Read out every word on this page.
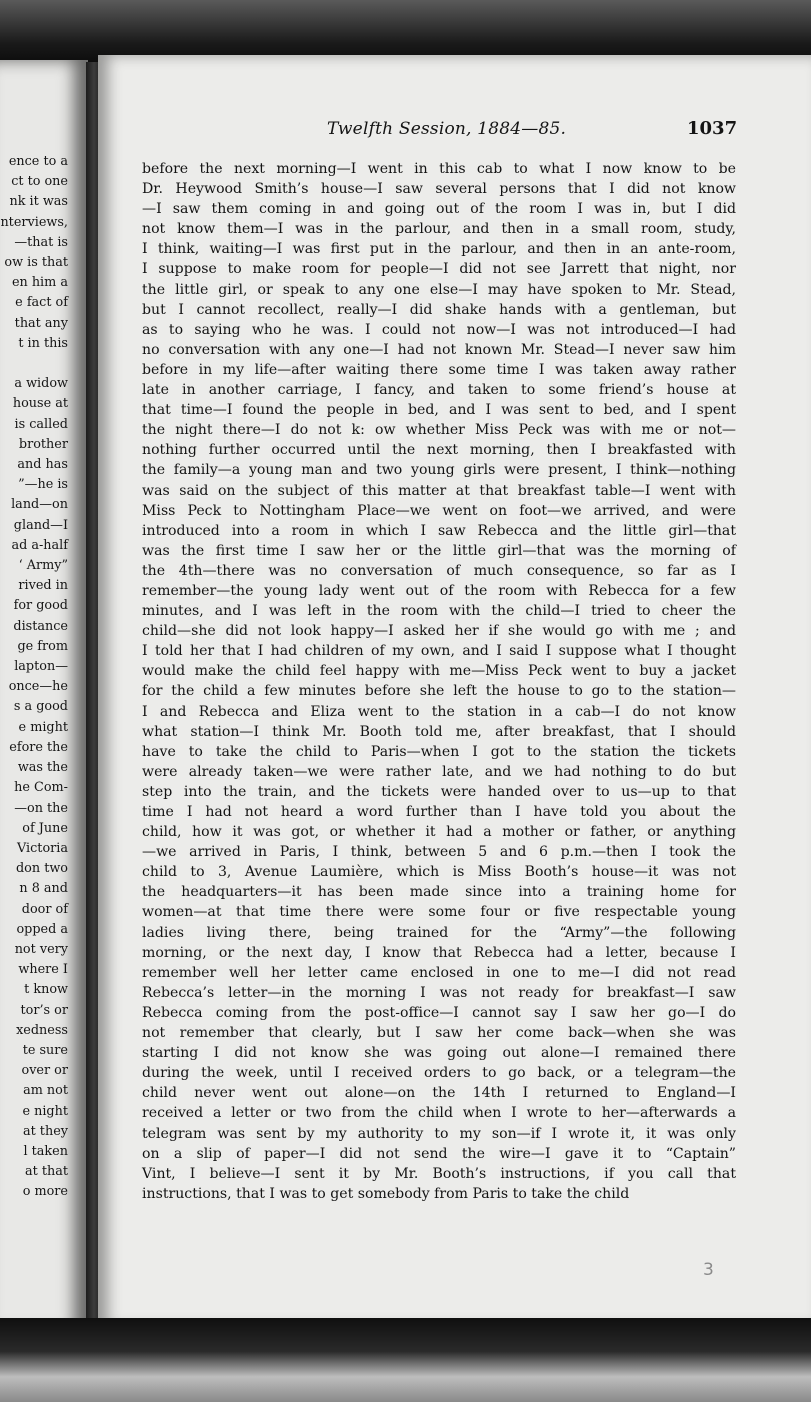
ence to a
ct to one
nk it was
nterviews,
—that is
ow is that
en him a
e fact of
that any
t in this

a widow
house at
is called
brother
and has
”—he is
land—on
gland—I
ad a-half
‘ Army”
rived in
for good
distance
ge from
lapton—
once—he
s a good
e might
efore the
was the
he Com-
—on the
of June
Victoria
don two
n 8 and
door of
opped a
not very
where I
t know
tor’s or
xedness
te sure
over or
am not
e night
at they
l taken
at that
o more
Twelfth Session, 1884—85.	1037
before the next morning—I went in this cab to what I now know to be
Dr. Heywood Smith’s house—I saw several persons that I did not know
—I saw them coming in and going out of the room I was in, but I did
not know them—I was in the parlour, and then in a small room, study,
I think, waiting—I was first put in the parlour, and then in an ante-room,
I suppose to make room for people—I did not see Jarrett that night, nor
the little girl, or speak to any one else—I may have spoken to Mr. Stead,
but I cannot recollect, really—I did shake hands with a gentleman, but
as to saying who he was. I could not now—I was not introduced—I had
no conversation with any one—I had not known Mr. Stead—I never saw him
before in my life—after waiting there some time I was taken away rather
late in another carriage, I fancy, and taken to some friend’s house at
that time—I found the people in bed, and I was sent to bed, and I spent
the night there—I do not k: ow whether Miss Peck was with me or not—
nothing further occurred until the next morning, then I breakfasted with
the family—a young man and two young girls were present, I think—nothing
was said on the subject of this matter at that breakfast table—I went with
Miss Peck to Nottingham Place—we went on foot—we arrived, and were
introduced into a room in which I saw Rebecca and the little girl—that
was the first time I saw her or the little girl—that was the morning of
the 4th—there was no conversation of much consequence, so far as I
remember—the young lady went out of the room with Rebecca for a few
minutes, and I was left in the room with the child—I tried to cheer the
child—she did not look happy—I asked her if she would go with me ; and
I told her that I had children of my own, and I said I suppose what I thought
would make the child feel happy with me—Miss Peck went to buy a jacket
for the child a few minutes before she left the house to go to the station—
I and Rebecca and Eliza went to the station in a cab—I do not know
what station—I think Mr. Booth told me, after breakfast, that I should
have to take the child to Paris—when I got to the station the tickets
were already taken—we were rather late, and we had nothing to do but
step into the train, and the tickets were handed over to us—up to that
time I had not heard a word further than I have told you about the
child, how it was got, or whether it had a mother or father, or anything
—we arrived in Paris, I think, between 5 and 6 p.m.—then I took the
child to 3, Avenue Laumière, which is Miss Booth’s house—it was not
the headquarters—it has been made since into a training home for
women—at that time there were some four or five respectable young
ladies living there, being trained for the “Army”—the following
morning, or the next day, I know that Rebecca had a letter, because I
remember well her letter came enclosed in one to me—I did not read
Rebecca’s letter—in the morning I was not ready for breakfast—I saw
Rebecca coming from the post-office—I cannot say I saw her go—I do
not remember that clearly, but I saw her come back—when she was
starting I did not know she was going out alone—I remained there
during the week, until I received orders to go back, or a telegram—the
child never went out alone—on the 14th I returned to England—I
received a letter or two from the child when I wrote to her—afterwards a
telegram was sent by my authority to my son—if I wrote it, it was only
on a slip of paper—I did not send the wire—I gave it to “Captain”
Vint, I believe—I sent it by Mr. Booth’s instructions, if you call that
instructions, that I was to get somebody from Paris to take the child
3
